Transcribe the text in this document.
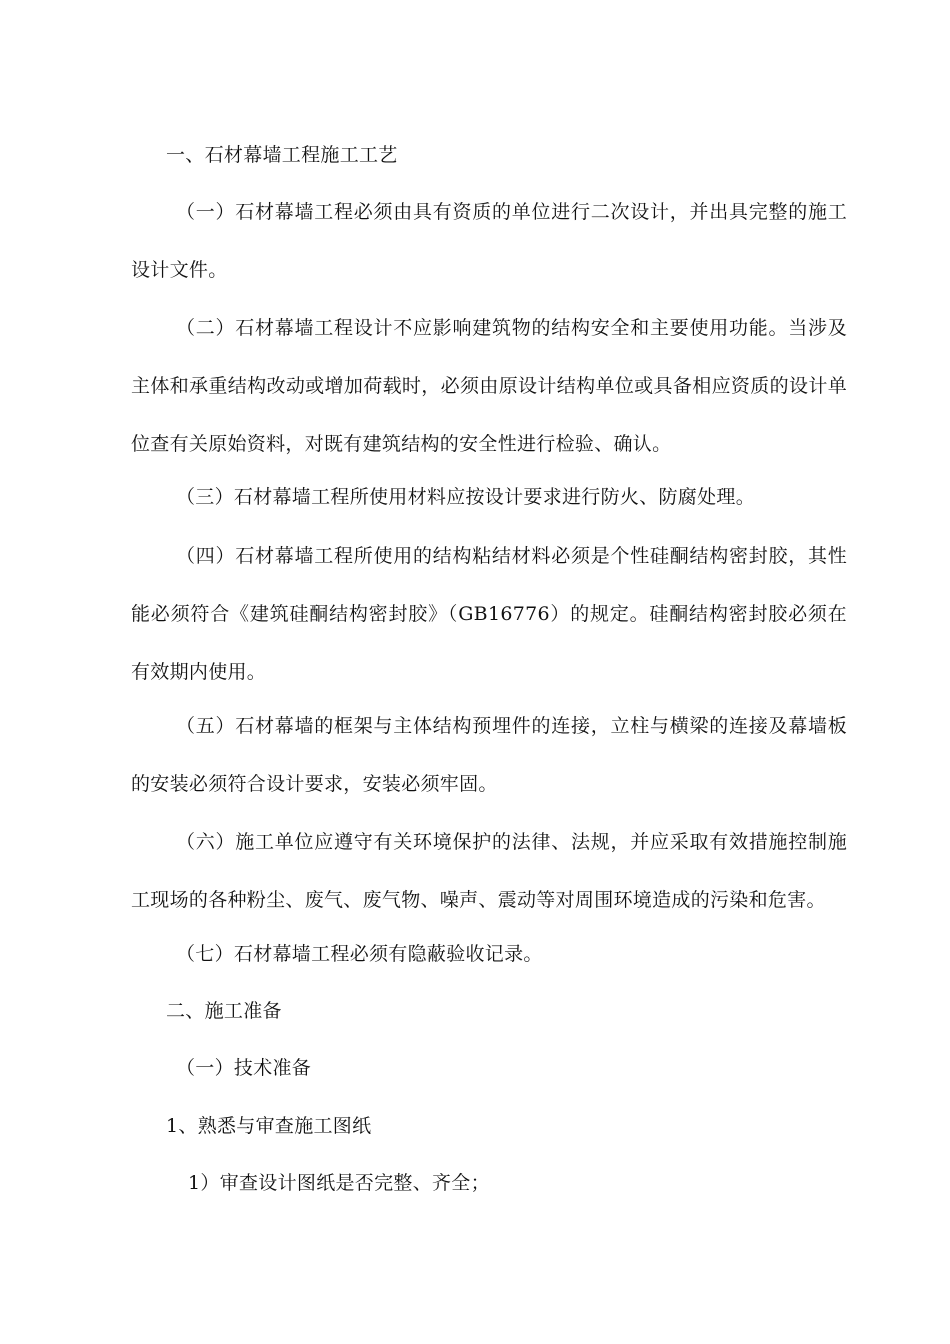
一、石材幕墙工程施工工艺
（一）石材幕墙工程必须由具有资质的单位进行二次设计，并出具完整的施工设计文件。
（二）石材幕墙工程设计不应影响建筑物的结构安全和主要使用功能。当涉及主体和承重结构改动或增加荷载时，必须由原设计结构单位或具备相应资质的设计单位查有关原始资料，对既有建筑结构的安全性进行检验、确认。
（三）石材幕墙工程所使用材料应按设计要求进行防火、防腐处理。
（四）石材幕墙工程所使用的结构粘结材料必须是个性硅酮结构密封胶，其性能必须符合《建筑硅酮结构密封胶》（GB16776）的规定。硅酮结构密封胶必须在有效期内使用。
（五）石材幕墙的框架与主体结构预埋件的连接，立柱与横梁的连接及幕墙板的安装必须符合设计要求，安装必须牢固。
（六）施工单位应遵守有关环境保护的法律、法规，并应采取有效措施控制施工现场的各种粉尘、废气、废气物、噪声、震动等对周围环境造成的污染和危害。
（七）石材幕墙工程必须有隐蔽验收记录。
二、施工准备
（一）技术准备
1、熟悉与审查施工图纸
1）审查设计图纸是否完整、齐全；
